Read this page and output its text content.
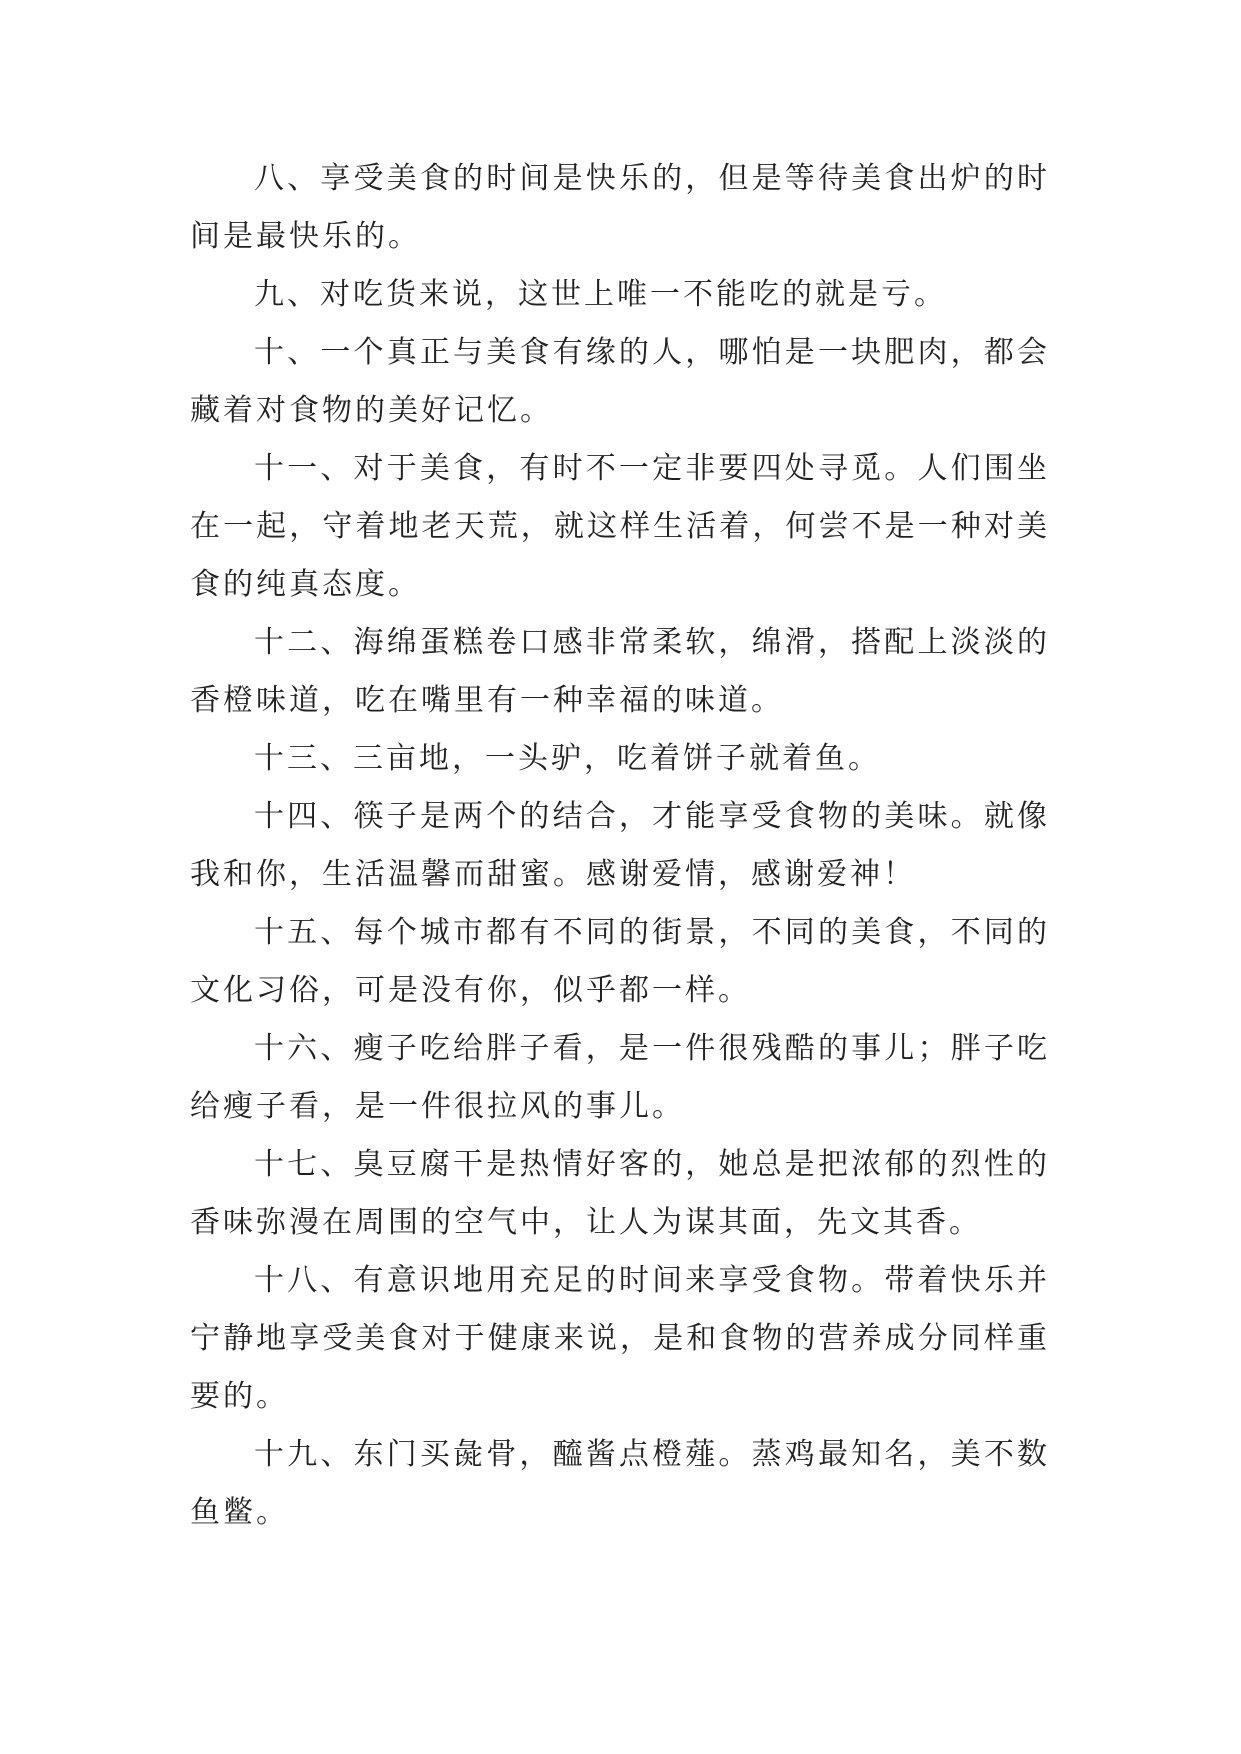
八、享受美食的时间是快乐的，但是等待美食出炉的时间是最快乐的。

九、对吃货来说，这世上唯一不能吃的就是亏。

十、一个真正与美食有缘的人，哪怕是一块肥肉，都会藏着对食物的美好记忆。

十一、对于美食，有时不一定非要四处寻觅。人们围坐在一起，守着地老天荒，就这样生活着，何尝不是一种对美食的纯真态度。

十二、海绵蛋糕卷口感非常柔软，绵滑，搭配上淡淡的香橙味道，吃在嘴里有一种幸福的味道。

十三、三亩地，一头驴，吃着饼子就着鱼。

十四、筷子是两个的结合，才能享受食物的美味。就像我和你，生活温馨而甜蜜。感谢爱情，感谢爱神！

十五、每个城市都有不同的街景，不同的美食，不同的文化习俗，可是没有你，似乎都一样。

十六、瘦子吃给胖子看，是一件很残酷的事儿；胖子吃给瘦子看，是一件很拉风的事儿。

十七、臭豆腐干是热情好客的，她总是把浓郁的烈性的香味弥漫在周围的空气中，让人为谋其面，先文其香。

十八、有意识地用充足的时间来享受食物。带着快乐并宁静地享受美食对于健康来说，是和食物的营养成分同样重要的。

十九、东门买彘骨，醯酱点橙薤。蒸鸡最知名，美不数鱼鳖。
